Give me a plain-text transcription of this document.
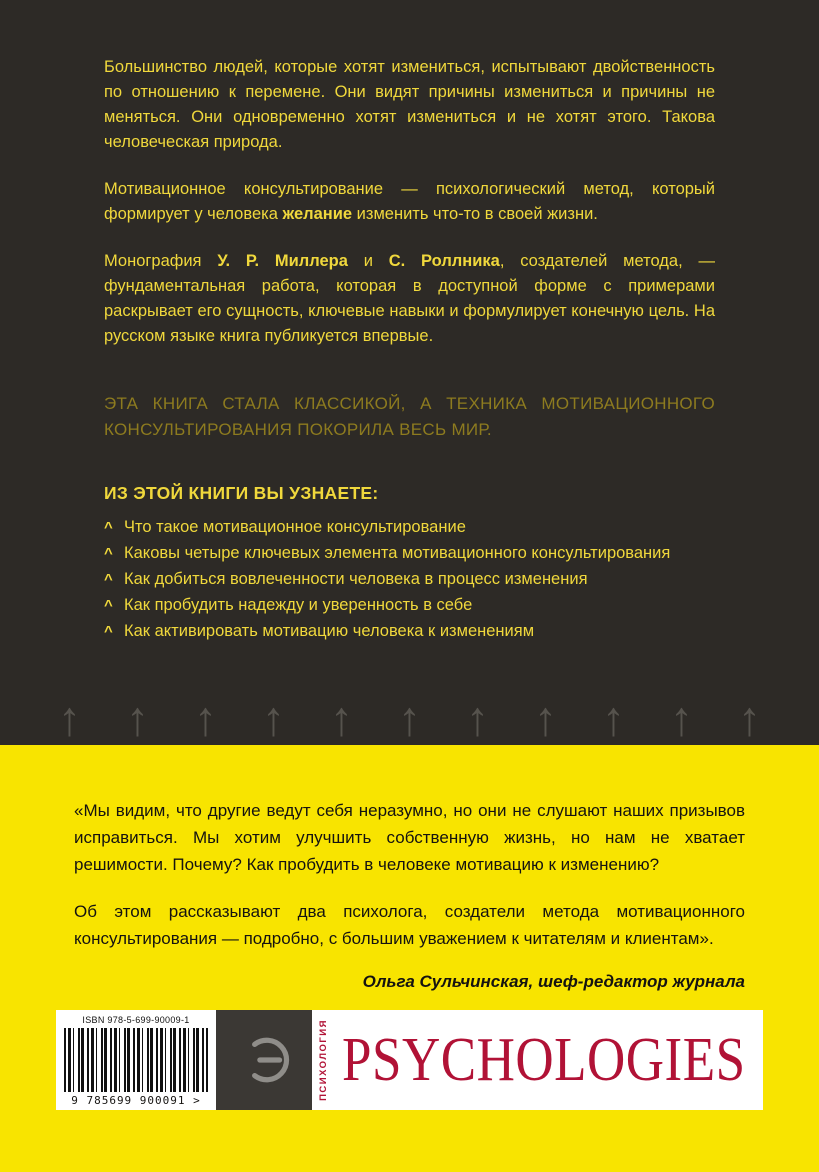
Большинство людей, которые хотят измениться, испытывают двойственность по отношению к перемене. Они видят причины измениться и причины не меняться. Они одновременно хотят измениться и не хотят этого. Такова человеческая природа.

Мотивационное консультирование — психологический метод, который формирует у человека желание изменить что-то в своей жизни.

Монография У. Р. Миллера и С. Роллника, создателей метода, — фундаментальная работа, которая в доступной форме с примерами раскрывает его сущность, ключевые навыки и формулирует конечную цель. На русском языке книга публикуется впервые.

ЭТА КНИГА СТАЛА КЛАССИКОЙ, А ТЕХНИКА МОТИВАЦИОННОГО КОНСУЛЬТИРОВАНИЯ ПОКОРИЛА ВЕСЬ МИР.

ИЗ ЭТОЙ КНИГИ ВЫ УЗНАЕТЕ:

^ Что такое мотивационное консультирование
^ Каковы четыре ключевых элемента мотивационного консультирования
^ Как добиться вовлеченности человека в процесс изменения
^ Как пробудить надежду и уверенность в себе
^ Как активировать мотивацию человека к изменениям
↑ ↑ ↑ ↑ ↑ ↑ ↑ ↑ ↑ ↑ ↑

«Мы видим, что другие ведут себя неразумно, но они не слушают наших призывов исправиться. Мы хотим улучшить собственную жизнь, но нам не хватает решимости. Почему? Как пробудить в человеке мотивацию к изменению?

Об этом рассказывают два психолога, создатели метода мотивационного консультирования — подробно, с большим уважением к читателям и клиентам».

Ольга Сульчинская, шеф-редактор журнала

ISBN 978-5-699-90009-1
9 785699 900091 >	ПСИХОЛОГИЯ PSYCHOLOGIES
